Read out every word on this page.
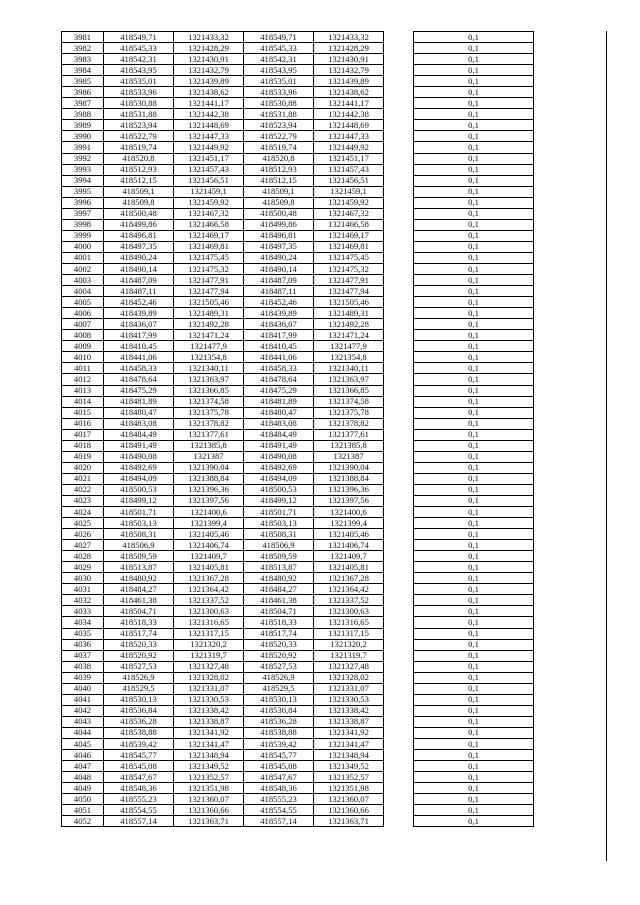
3981	418549,71	1321433,32	418549,71	1321433,32		0,1
3982	418545,33	1321428,29	418545,33	1321428,29		0,1
3983	418542,31	1321430,91	418542,31	1321430,91		0,1
3984	418543,95	1321432,79	418543,95	1321432,79		0,1
3985	418535,01	1321439,89	418535,01	1321439,89		0,1
3986	418533,96	1321438,62	418533,96	1321438,62		0,1
3987	418530,88	1321441,17	418530,88	1321441,17		0,1
3988	418531,88	1321442,38	418531,88	1321442,38		0,1
3989	418523,94	1321448,69	418523,94	1321448,69		0,1
3990	418522,79	1321447,33	418522,79	1321447,33		0,1
3991	418519,74	1321449,92	418519,74	1321449,92		0,1
3992	418520,8	1321451,17	418520,8	1321451,17		0,1
3993	418512,93	1321457,43	418512,93	1321457,43		0,1
3994	418512,15	1321456,51	418512,15	1321456,51		0,1
3995	418509,1	1321459,1	418509,1	1321459,1		0,1
3996	418509,8	1321459,92	418509,8	1321459,92		0,1
3997	418500,48	1321467,32	418500,48	1321467,32		0,1
3998	418499,86	1321466,58	418499,86	1321466,58		0,1
3999	418496,81	1321469,17	418496,81	1321469,17		0,1
4000	418497,35	1321469,81	418497,35	1321469,81		0,1
4001	418490,24	1321475,45	418490,24	1321475,45		0,1
4002	418490,14	1321475,32	418490,14	1321475,32		0,1
4003	418487,09	1321477,91	418487,09	1321477,91		0,1
4004	418487,11	1321477,94	418487,11	1321477,94		0,1
4005	418452,46	1321505,46	418452,46	1321505,46		0,1
4006	418439,89	1321489,31	418439,89	1321489,31		0,1
4007	418436,07	1321492,28	418436,07	1321492,28		0,1
4008	418417,99	1321471,24	418417,99	1321471,24		0,1
4009	418410,45	1321477,9	418410,45	1321477,9		0,1
4010	418441,06	1321354,8	418441,06	1321354,8		0,1
4011	418458,33	1321340,11	418458,33	1321340,11		0,1
4012	418478,64	1321363,97	418478,64	1321363,97		0,1
4013	418475,29	1321366,85	418475,29	1321366,85		0,1
4014	418481,89	1321374,58	418481,89	1321374,58		0,1
4015	418480,47	1321375,78	418480,47	1321375,78		0,1
4016	418483,08	1321378,82	418483,08	1321378,82		0,1
4017	418484,49	1321377,61	418484,49	1321377,61		0,1
4018	418491,49	1321385,8	418491,49	1321385,8		0,1
4019	418490,08	1321387	418490,08	1321387		0,1
4020	418492,69	1321390,04	418492,69	1321390,04		0,1
4021	418494,09	1321388,84	418494,09	1321388,84		0,1
4022	418500,53	1321396,36	418500,53	1321396,36		0,1
4023	418499,12	1321397,56	418499,12	1321397,56		0,1
4024	418501,71	1321400,6	418501,71	1321400,6		0,1
4025	418503,13	1321399,4	418503,13	1321399,4		0,1
4026	418508,31	1321405,46	418508,31	1321405,46		0,1
4027	418506,9	1321406,74	418506,9	1321406,74		0,1
4028	418509,59	1321409,7	418509,59	1321409,7		0,1
4029	418513,87	1321405,81	418513,87	1321405,81		0,1
4030	418480,92	1321367,28	418480,92	1321367,28		0,1
4031	418484,27	1321364,42	418484,27	1321364,42		0,1
4032	418461,38	1321337,52	418461,38	1321337,52		0,1
4033	418504,71	1321300,63	418504,71	1321300,63		0,1
4034	418518,33	1321316,65	418518,33	1321316,65		0,1
4035	418517,74	1321317,15	418517,74	1321317,15		0,1
4036	418520,33	1321320,2	418520,33	1321320,2		0,1
4037	418520,92	1321319,7	418520,92	1321319,7		0,1
4038	418527,53	1321327,48	418527,53	1321327,48		0,1
4039	418526,9	1321328,02	418526,9	1321328,02		0,1
4040	418529,5	1321331,07	418529,5	1321331,07		0,1
4041	418530,13	1321330,53	418530,13	1321330,53		0,1
4042	418536,84	1321338,42	418536,84	1321338,42		0,1
4043	418536,28	1321338,87	418536,28	1321338,87		0,1
4044	418538,88	1321341,92	418538,88	1321341,92		0,1
4045	418539,42	1321341,47	418539,42	1321341,47		0,1
4046	418545,77	1321348,94	418545,77	1321348,94		0,1
4047	418545,08	1321349,52	418545,08	1321349,52		0,1
4048	418547,67	1321352,57	418547,67	1321352,57		0,1
4049	418548,36	1321351,98	418548,36	1321351,98		0,1
4050	418555,23	1321360,07	418555,23	1321360,07		0,1
4051	418554,55	1321360,66	418554,55	1321360,66		0,1
4052	418557,14	1321363,71	418557,14	1321363,71		0,1
